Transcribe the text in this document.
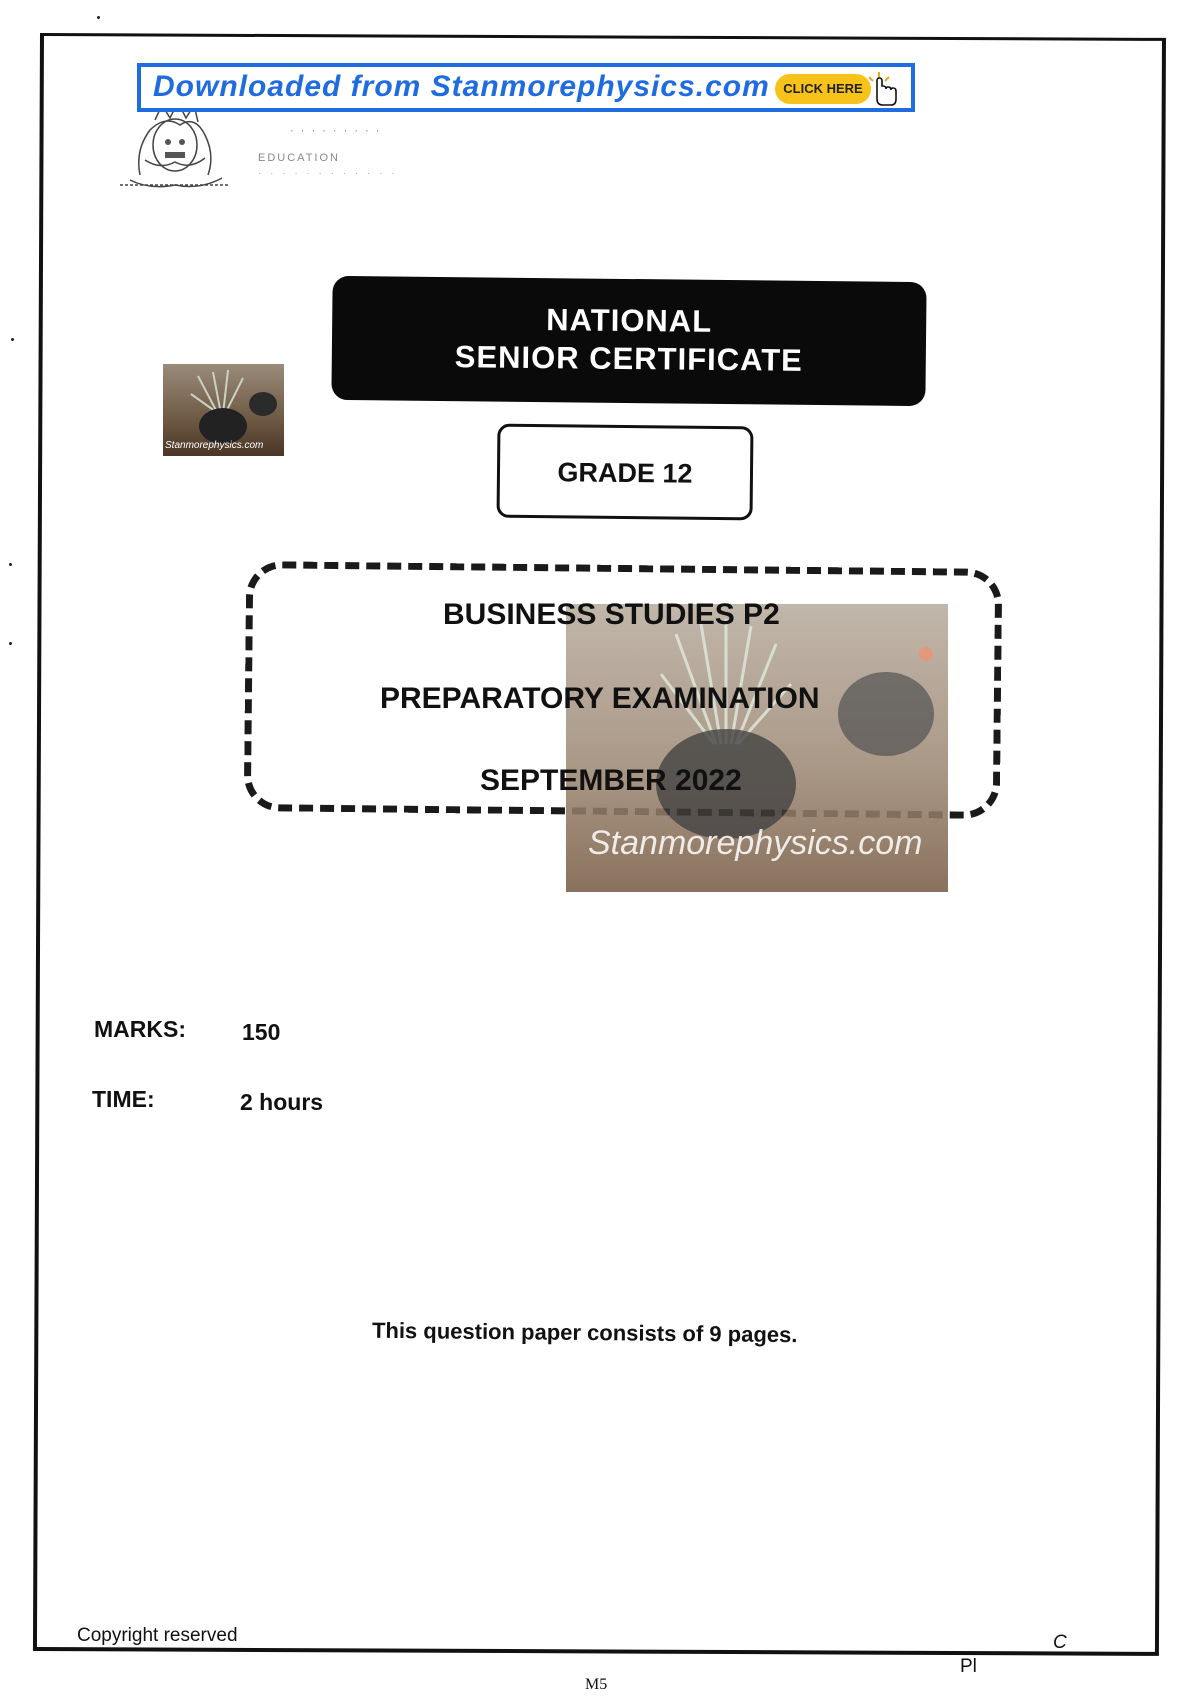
· · · · · · · · ·
EDUCATION
· · · · · · · · · · · ·
Downloaded from Stanmorephysics.com	CLICK HERE
NATIONAL
SENIOR CERTIFICATE
Stanmorephysics.com
GRADE 12
Stanmorephysics.com
BUSINESS STUDIES P2
PREPARATORY EXAMINATION
SEPTEMBER 2022
MARKS: 150
TIME:	2 hours
This question paper consists of 9 pages.
Copyright reserved
Pl
C
M5
